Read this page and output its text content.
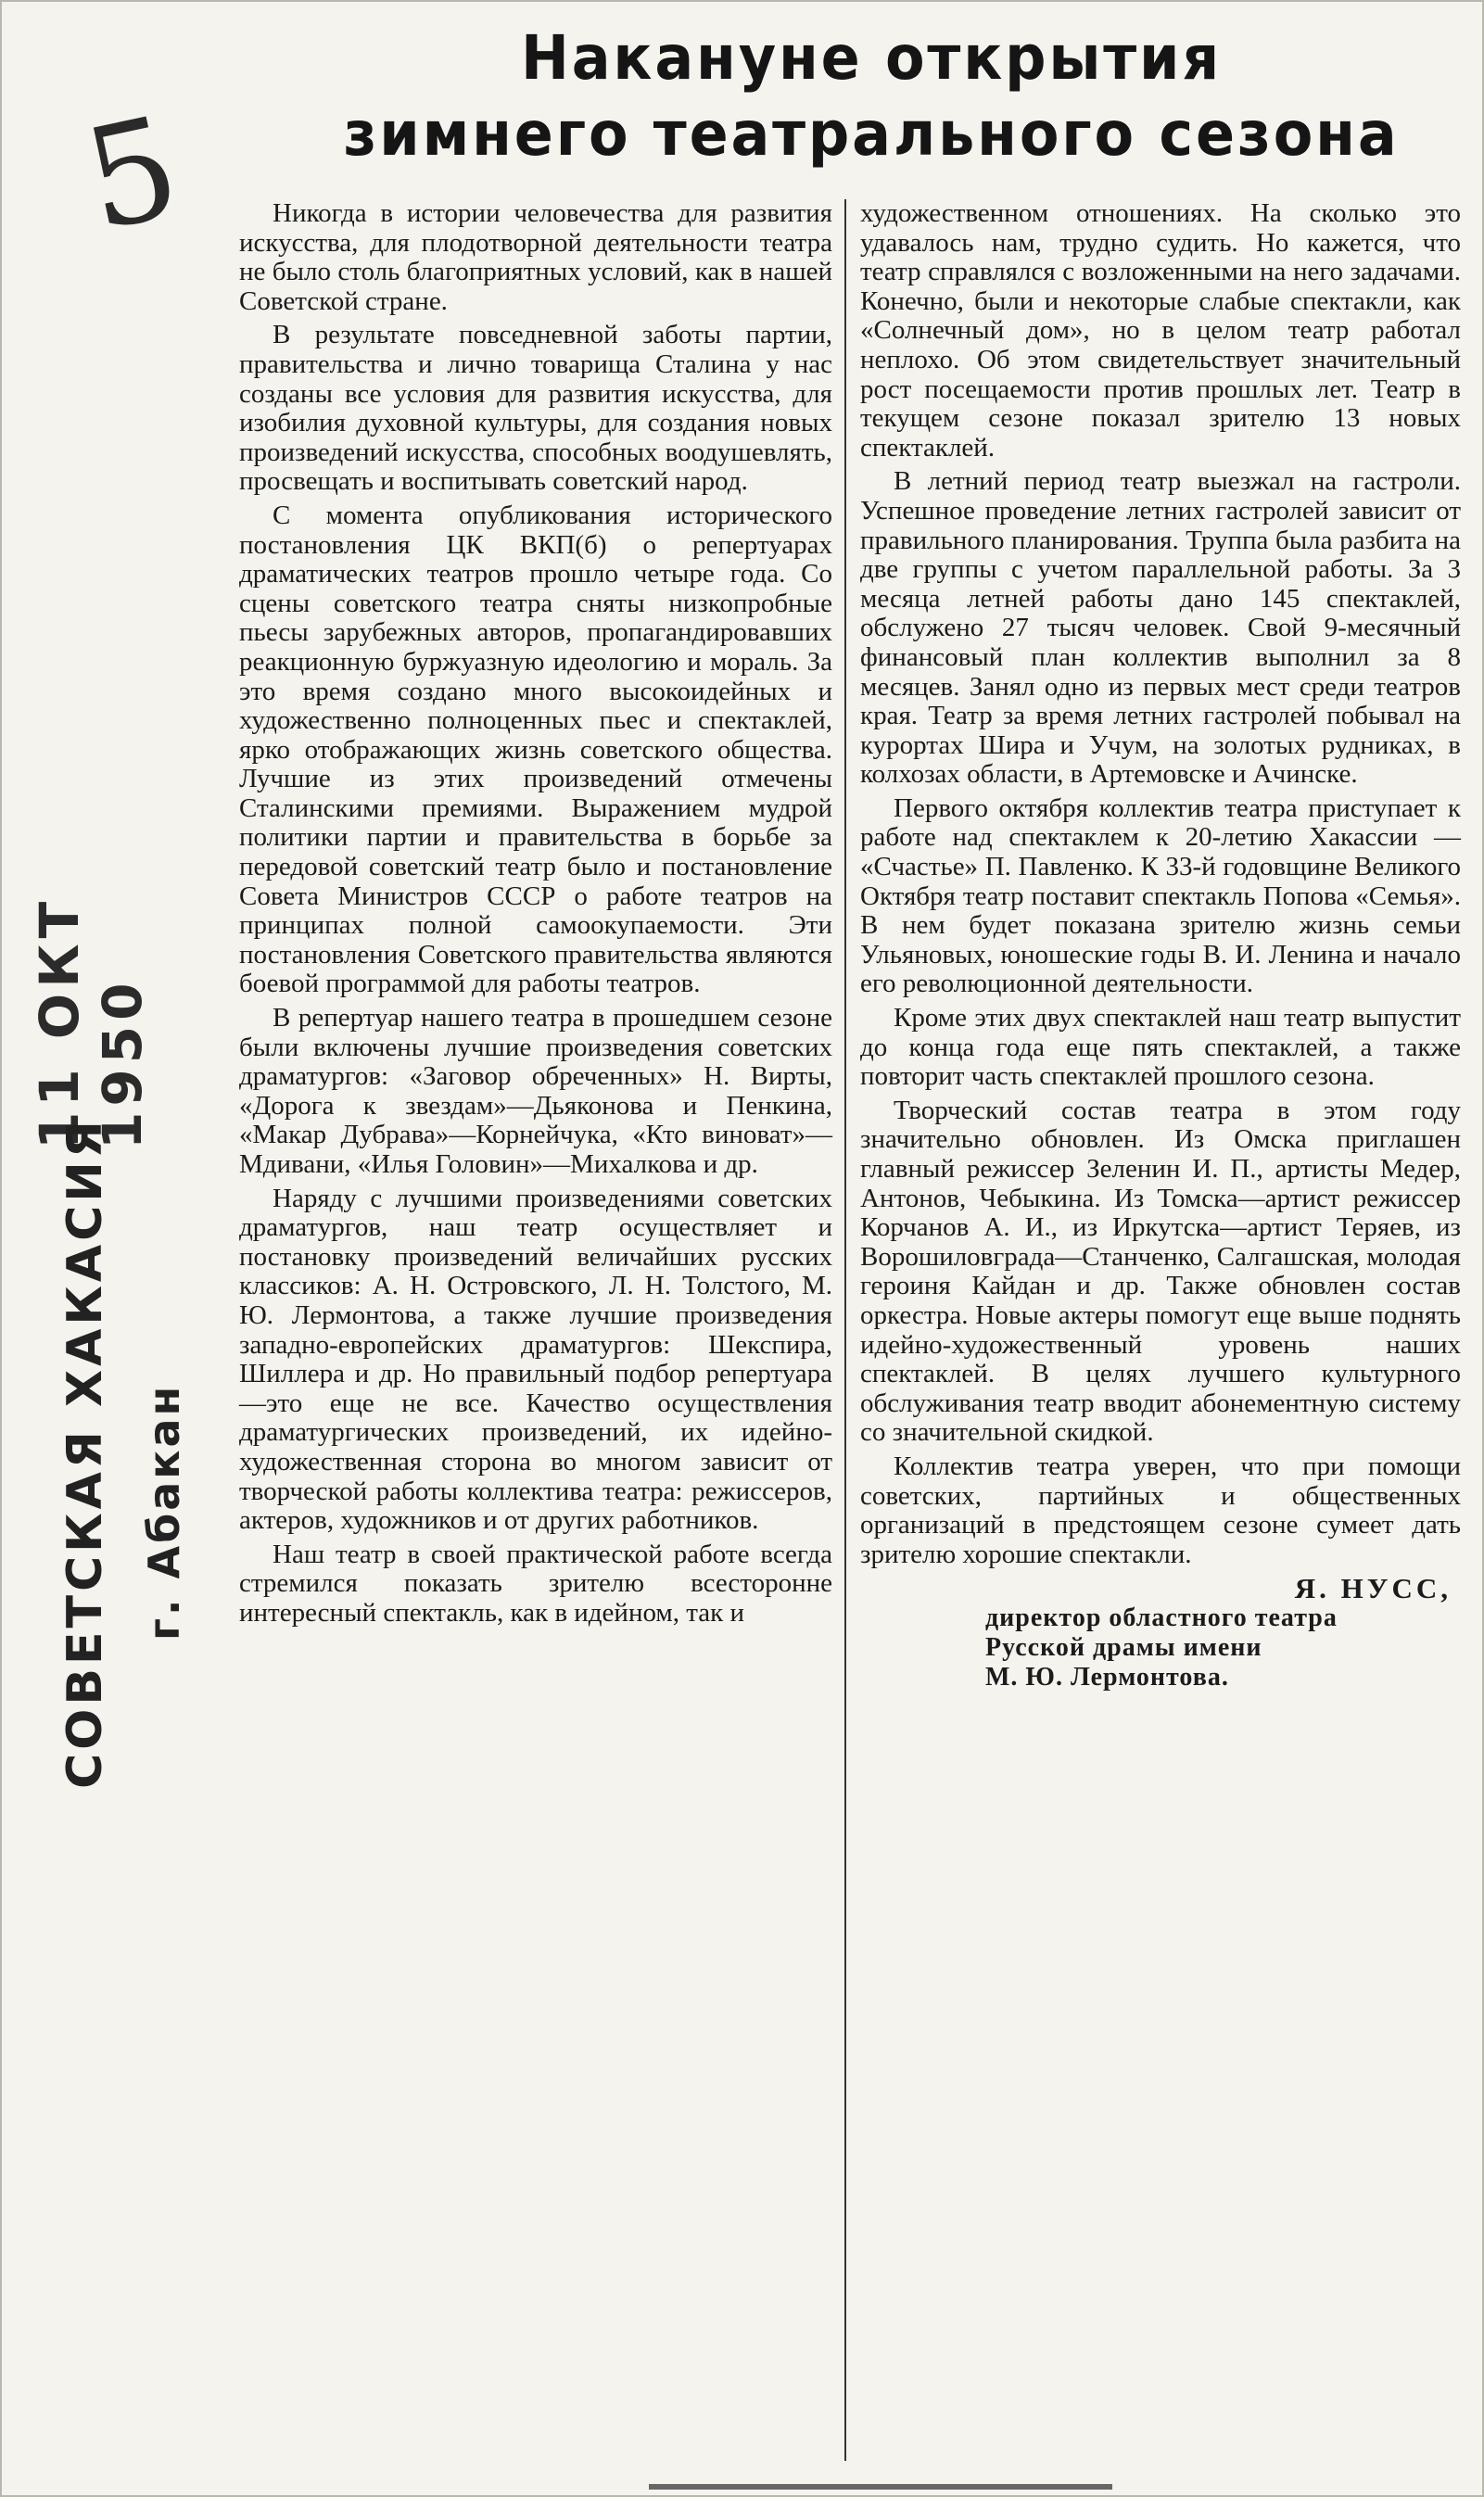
Накануне открытия
зимнего театрального сезона
5
11 ОКТ 1950
СОВЕТСКАЯ ХАКАСИЯ г. Абакан

Никогда в истории человечества для развития искусства, для плодотворной деятельности театра не было столь благоприятных условий, как в нашей Советской стране.

В результате повседневной заботы партии, правительства и лично товарища Сталина у нас созданы все условия для развития искусства, для изобилия духовной культуры, для создания новых произведений искусства, способных воодушевлять, просвещать и воспитывать советский народ.

С момента опубликования исторического постановления ЦК ВКП(б) о репертуарах драматических театров прошло четыре года. Со сцены советского театра сняты низкопробные пьесы зарубежных авторов, пропагандировавших реакционную буржуазную идеологию и мораль. За это время создано много высокоидейных и художественно полноценных пьес и спектаклей, ярко отображающих жизнь советского общества. Лучшие из этих произведений отмечены Сталинскими премиями. Выражением мудрой политики партии и правительства в борьбе за передовой советский театр было и постановление Совета Министров СССР о работе театров на принципах полной самоокупаемости. Эти постановления Советского правительства являются боевой программой для работы театров.

В репертуар нашего театра в прошедшем сезоне были включены лучшие произведения советских драматургов: «Заговор обреченных» Н. Вирты, «Дорога к звездам»—Дьяконова и Пенкина, «Макар Дубрава»—Корнейчука, «Кто виноват»—Мдивани, «Илья Головин»—Михалкова и др.

Наряду с лучшими произведениями советских драматургов, наш театр осуществляет и постановку произведений величайших русских классиков: А. Н. Островского, Л. Н. Толстого, М. Ю. Лермонтова, а также лучшие произведения западно-европейских драматургов: Шекспира, Шиллера и др. Но правильный подбор репертуара—это еще не все. Качество осуществления драматургических произведений, их идейно-художественная сторона во многом зависит от творческой работы коллектива театра: режиссеров, актеров, художников и от других работников.

Наш театр в своей практической работе всегда стремился показать зрителю всесторонне интересный спектакль, как в идейном, так и

художественном отношениях. На сколько это удавалось нам, трудно судить. Но кажется, что театр справлялся с возложенными на него задачами. Конечно, были и некоторые слабые спектакли, как «Солнечный дом», но в целом театр работал неплохо. Об этом свидетельствует значительный рост посещаемости против прошлых лет. Театр в текущем сезоне показал зрителю 13 новых спектаклей.

В летний период театр выезжал на гастроли. Успешное проведение летних гастролей зависит от правильного планирования. Труппа была разбита на две группы с учетом параллельной работы. За 3 месяца летней работы дано 145 спектаклей, обслужено 27 тысяч человек. Свой 9-месячный финансовый план коллектив выполнил за 8 месяцев. Занял одно из первых мест среди театров края. Театр за время летних гастролей побывал на курортах Шира и Учум, на золотых рудниках, в колхозах области, в Артемовске и Ачинске.

Первого октября коллектив театра приступает к работе над спектаклем к 20-летию Хакассии — «Счастье» П. Павленко. К 33-й годовщине Великого Октября театр поставит спектакль Попова «Семья». В нем будет показана зрителю жизнь семьи Ульяновых, юношеские годы В. И. Ленина и начало его революционной деятельности.

Кроме этих двух спектаклей наш театр выпустит до конца года еще пять спектаклей, а также повторит часть спектаклей прошлого сезона.

Творческий состав театра в этом году значительно обновлен. Из Омска приглашен главный режиссер Зеленин И. П., артисты Медер, Антонов, Чебыкина. Из Томска—артист режиссер Корчанов А. И., из Иркутска—артист Теряев, из Ворошиловграда—Станченко, Салгашская, молодая героиня Кайдан и др. Также обновлен состав оркестра. Новые актеры помогут еще выше поднять идейно-художественный уровень наших спектаклей. В целях лучшего культурного обслуживания театр вводит абонементную систему со значительной скидкой.

Коллектив театра уверен, что при помощи советских, партийных и общественных организаций в предстоящем сезоне сумеет дать зрителю хорошие спектакли.

Я. НУСС,
директор областного театра
Русской драмы имени
М. Ю. Лермонтова.
